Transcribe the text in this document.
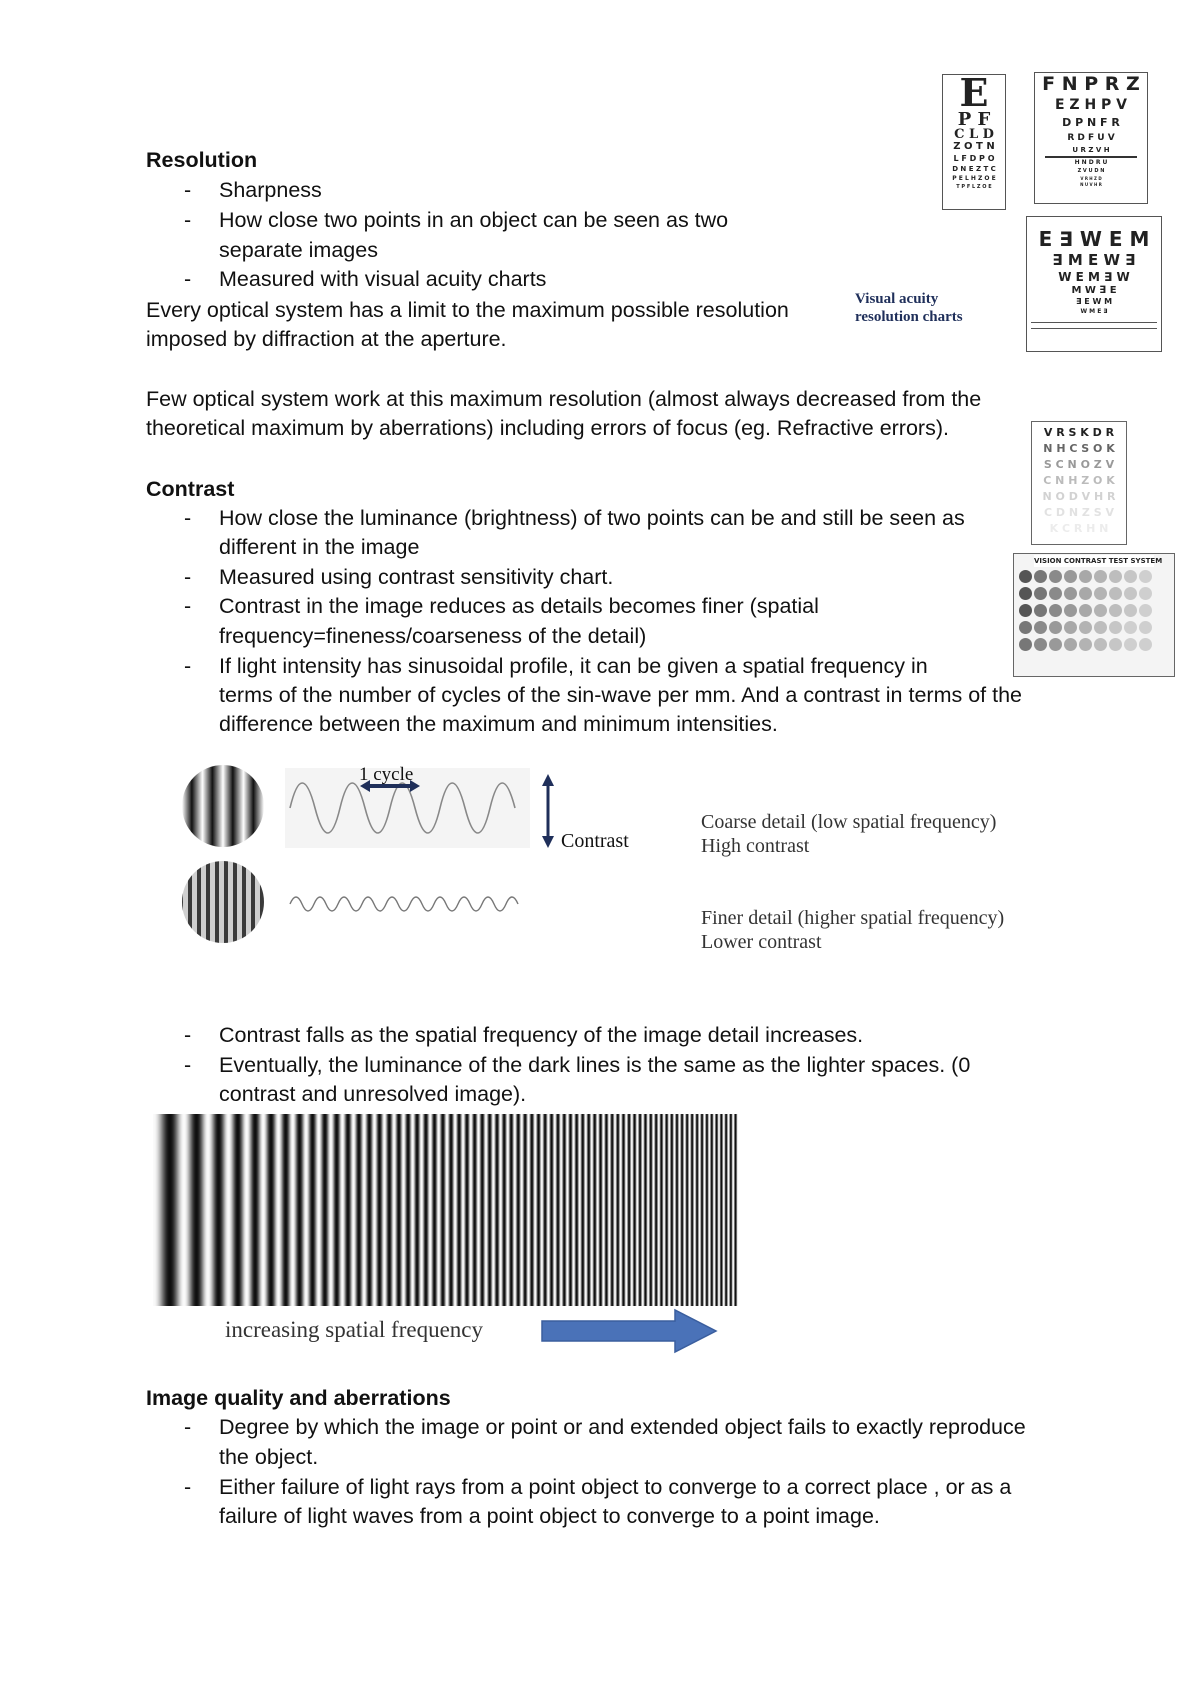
Resolution
- Sharpness
- How close two points in an object can be seen as two
separate images
- Measured with visual acuity charts
Every optical system has a limit to the maximum possible resolution
imposed by diffraction at the aperture.
Few optical system work at this maximum resolution (almost always decreased from the
theoretical maximum by aberrations) including errors of focus (eg. Refractive errors).
E
P F
C L D
Z O T N
L F D P O
D N E Z T C
P E L H Z O E
T P F L Z O E
F N P R Z
E Z H P V
D P N F R
R D F U V
U R Z V H
H N D R U
Z V U D N
V R H Z D
N U V H R
E ∃ W E M
∃ M E W ∃
W E M ∃ W
M W ∃ E
∃ E W M
W M E ∃
Visual acuity
resolution charts
V R S K D R
N H C S O K
S C N O Z V
C N H Z O K
N O D V H R
C D N Z S V
K C R H N
VISION CONTRAST TEST SYSTEM
Contrast
- How close the luminance (brightness) of two points can be and still be seen as
different in the image
- Measured using contrast sensitivity chart.
- Contrast in the image reduces as details becomes finer (spatial
frequency=fineness/coarseness of the detail)
- If light intensity has sinusoidal profile, it can be given a spatial frequency in
terms of the number of cycles of the sin-wave per mm. And a contrast in terms of the
difference between the maximum and minimum intensities.
1 cycle
Contrast
Coarse detail (low spatial frequency)
High contrast
Finer detail (higher spatial frequency)
Lower contrast
- Contrast falls as the spatial frequency of the image detail increases.
- Eventually, the luminance of the dark lines is the same as the lighter spaces. (0
contrast and unresolved image).
increasing spatial frequency
Image quality and aberrations
- Degree by which the image or point or and extended object fails to exactly reproduce
the object.
- Either failure of light rays from a point object to converge to a correct place , or as a
failure of light waves from a point object to converge to a point image.
